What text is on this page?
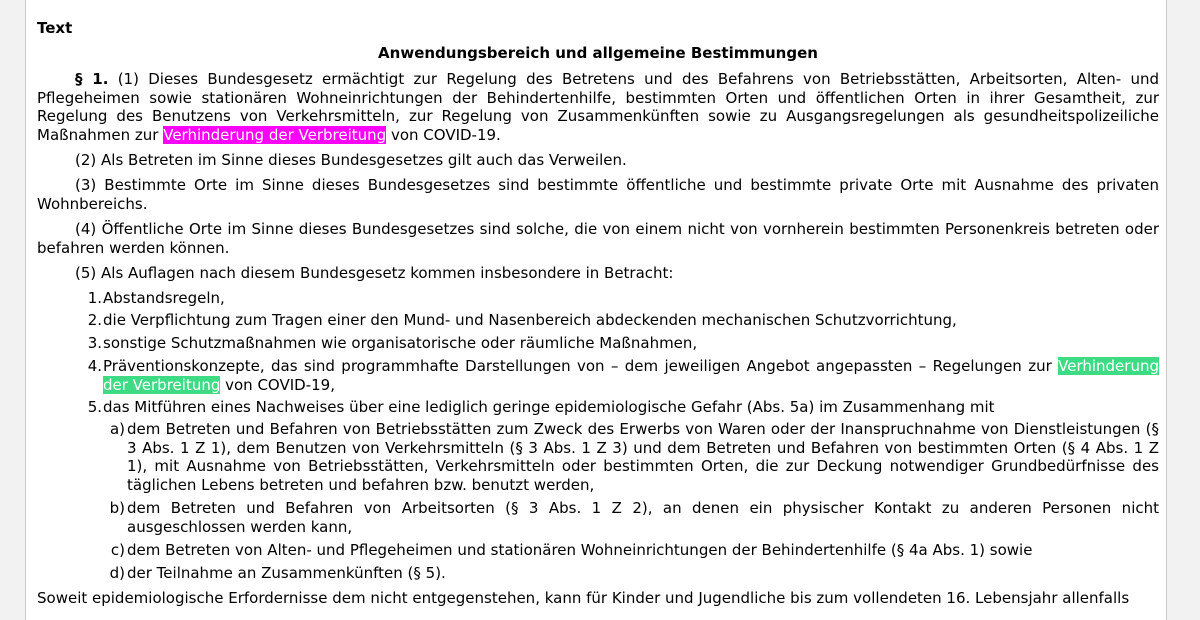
Text
Anwendungsbereich und allgemeine Bestimmungen

§ 1. (1) Dieses Bundesgesetz ermächtigt zur Regelung des Betretens und des Befahrens von Betriebsstätten, Arbeitsorten, Alten- und Pflegeheimen sowie stationären Wohneinrichtungen der Behindertenhilfe, bestimmten Orten und öffentlichen Orten in ihrer Gesamtheit, zur Regelung des Benutzens von Verkehrsmitteln, zur Regelung von Zusammenkünften sowie zu Ausgangsregelungen als gesundheitspolizeiliche Maßnahmen zur Verhinderung der Verbreitung von COVID-19.

(2) Als Betreten im Sinne dieses Bundesgesetzes gilt auch das Verweilen.

(3) Bestimmte Orte im Sinne dieses Bundesgesetzes sind bestimmte öffentliche und bestimmte private Orte mit Ausnahme des privaten Wohnbereichs.

(4) Öffentliche Orte im Sinne dieses Bundesgesetzes sind solche, die von einem nicht von vornherein bestimmten Personenkreis betreten oder befahren werden können.

(5) Als Auflagen nach diesem Bundesgesetz kommen insbesondere in Betracht:

1. Abstandsregeln,
2. die Verpflichtung zum Tragen einer den Mund- und Nasenbereich abdeckenden mechanischen Schutzvorrichtung,
3. sonstige Schutzmaßnahmen wie organisatorische oder räumliche Maßnahmen,
4. Präventionskonzepte, das sind programmhafte Darstellungen von – dem jeweiligen Angebot angepassten – Regelungen zur Verhinderung der Verbreitung von COVID-19,
5. das Mitführen eines Nachweises über eine lediglich geringe epidemiologische Gefahr (Abs. 5a) im Zusammenhang mit
a) dem Betreten und Befahren von Betriebsstätten zum Zweck des Erwerbs von Waren oder der Inanspruchnahme von Dienstleistungen (§ 3 Abs. 1 Z 1), dem Benutzen von Verkehrsmitteln (§ 3 Abs. 1 Z 3) und dem Betreten und Befahren von bestimmten Orten (§ 4 Abs. 1 Z 1), mit Ausnahme von Betriebsstätten, Verkehrsmitteln oder bestimmten Orten, die zur Deckung notwendiger Grundbedürfnisse des täglichen Lebens betreten und befahren bzw. benutzt werden,
b) dem Betreten und Befahren von Arbeitsorten (§ 3 Abs. 1 Z 2), an denen ein physischer Kontakt zu anderen Personen nicht ausgeschlossen werden kann,
c) dem Betreten von Alten- und Pflegeheimen und stationären Wohneinrichtungen der Behindertenhilfe (§ 4a Abs. 1) sowie
d) der Teilnahme an Zusammenkünften (§ 5).

Soweit epidemiologische Erfordernisse dem nicht entgegenstehen, kann für Kinder und Jugendliche bis zum vollendeten 16. Lebensjahr allenfalls
